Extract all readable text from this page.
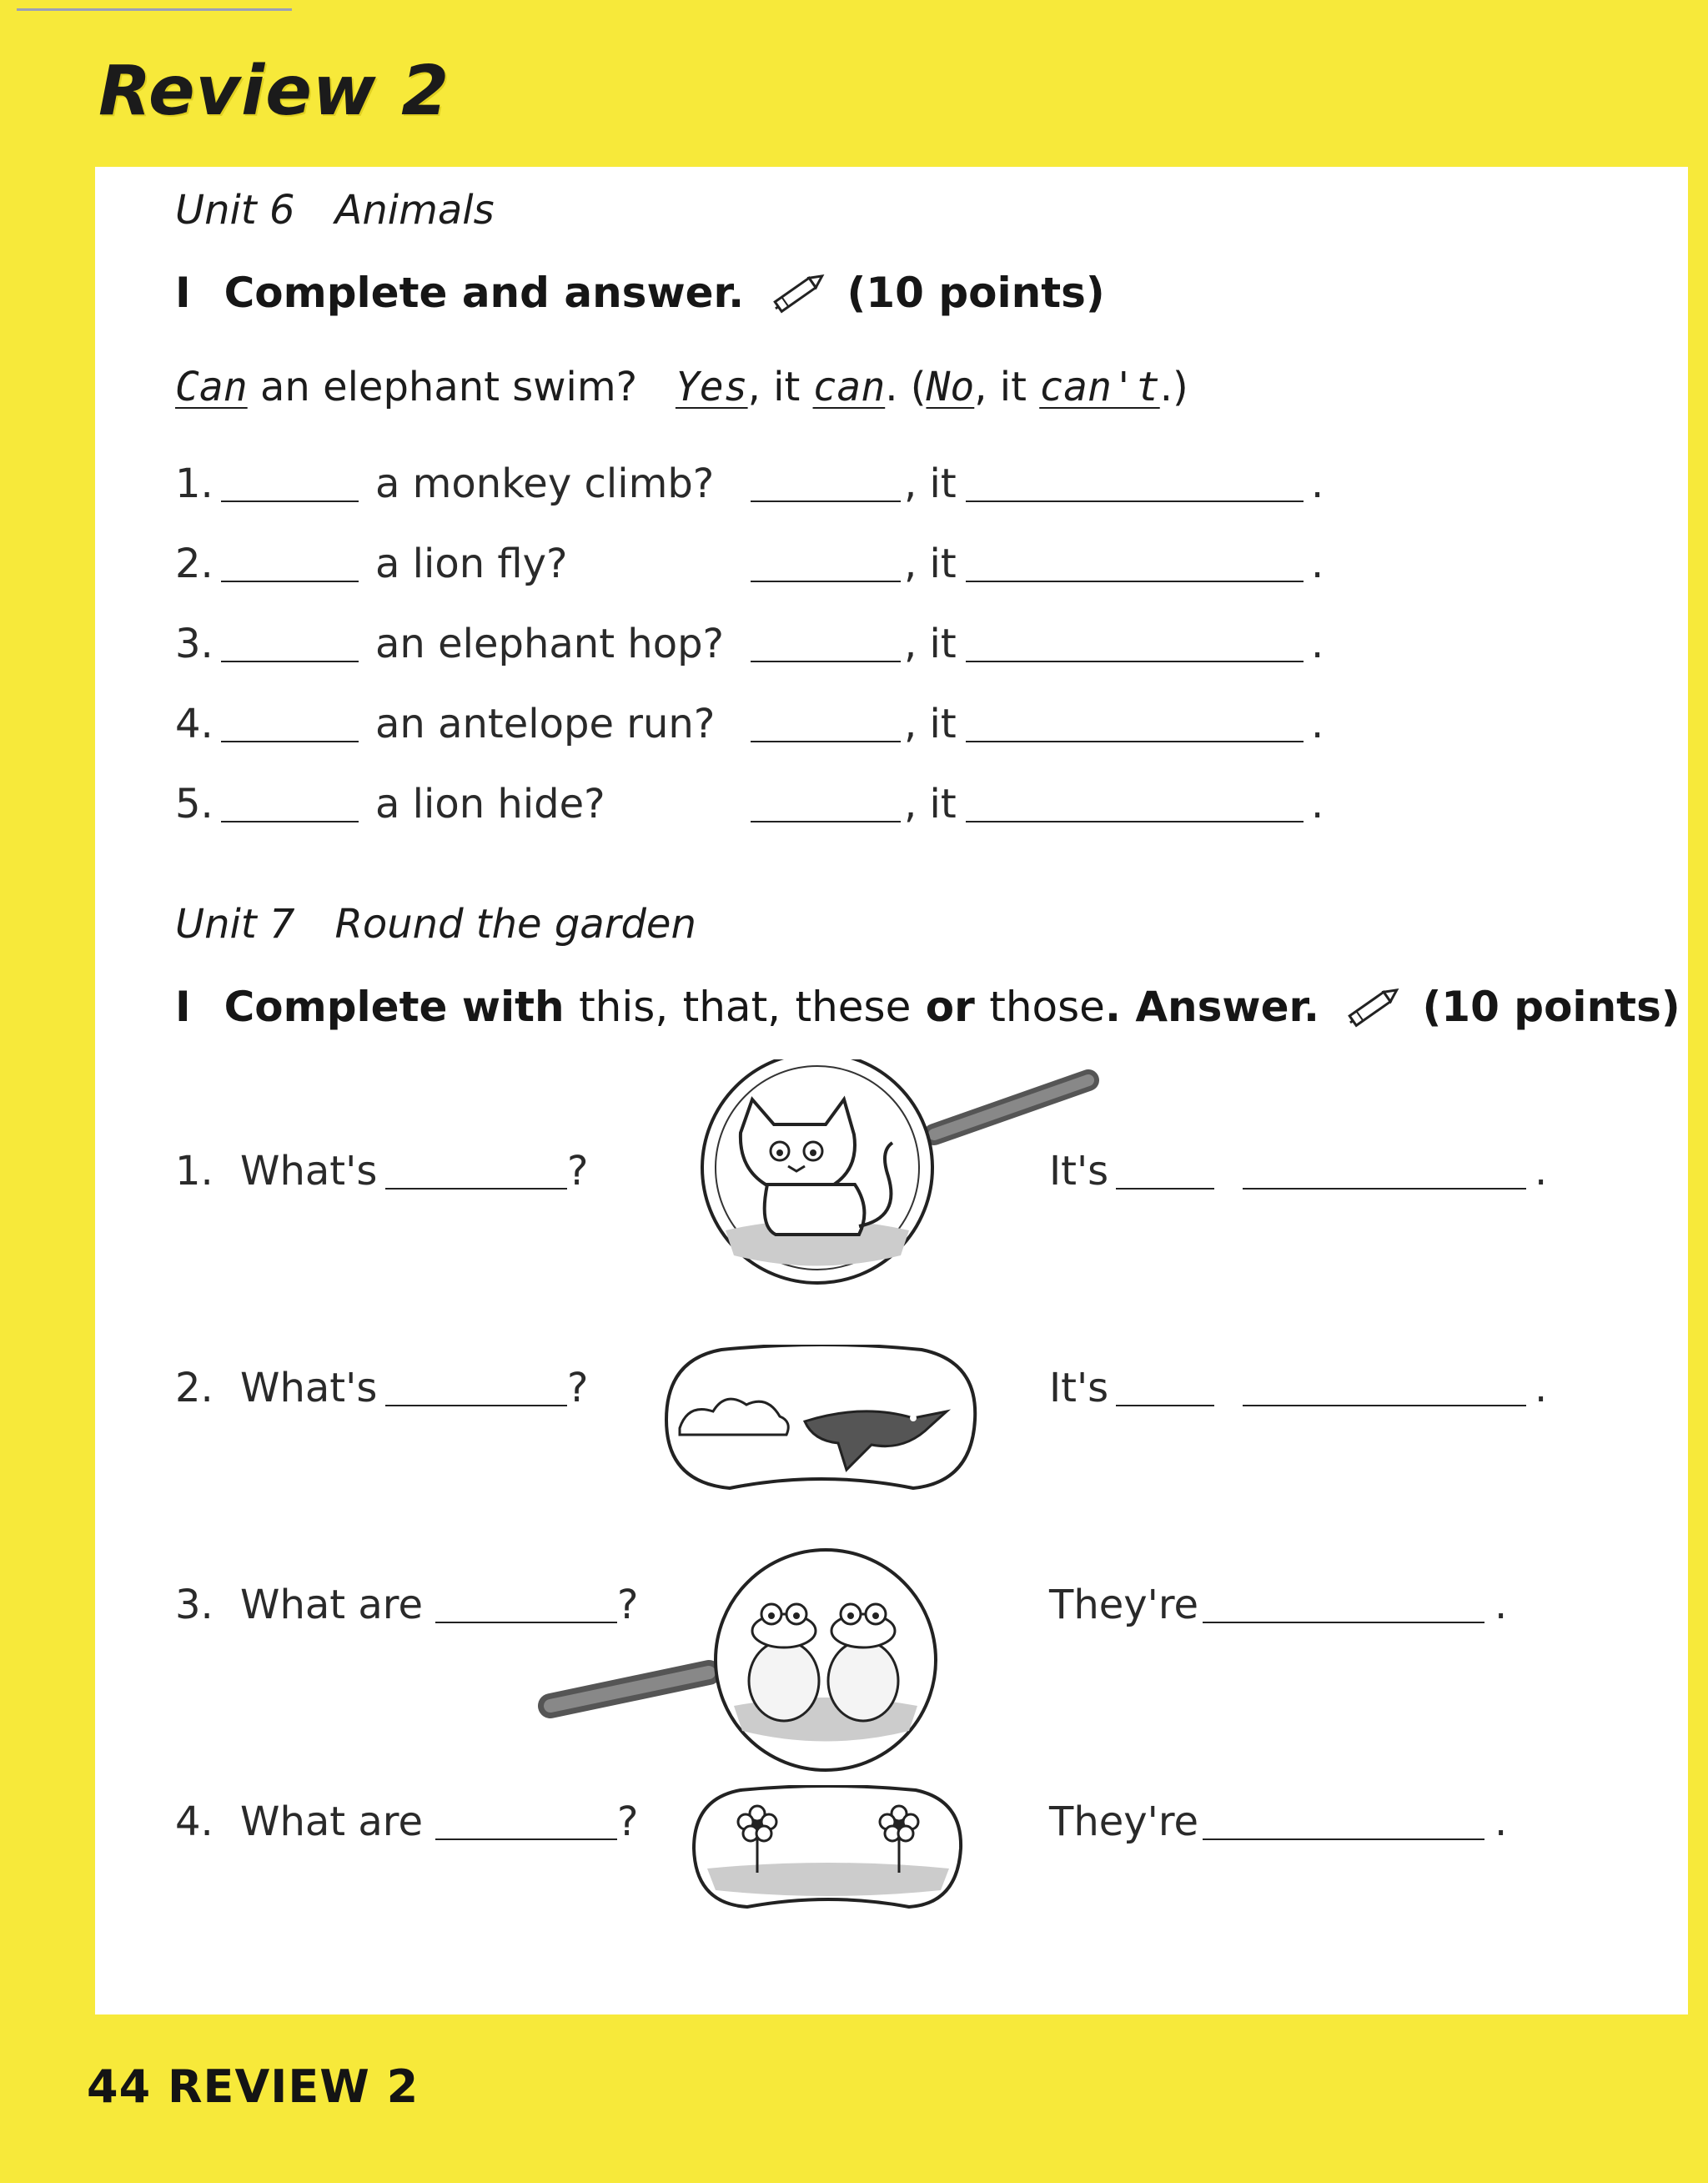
Review 2
Unit 6 Animals
I Complete and answer. (10 points)
Can an elephant swim? Yes, it can. (No, it can't.)
1.	a monkey climb?	, it	.
2.	a lion fly?	, it	.
3.	an elephant hop?	, it	.
4.	an antelope run?	, it	.
5.	a lion hide?	, it	.
Unit 7 Round the garden
I Complete with this, that, these or those. Answer. (10 points)
1. What's	?	It's	.
2. What's	?	It's	.
3. What are	?	They're	.
4. What are	?	They're	.
44 REVIEW 2
